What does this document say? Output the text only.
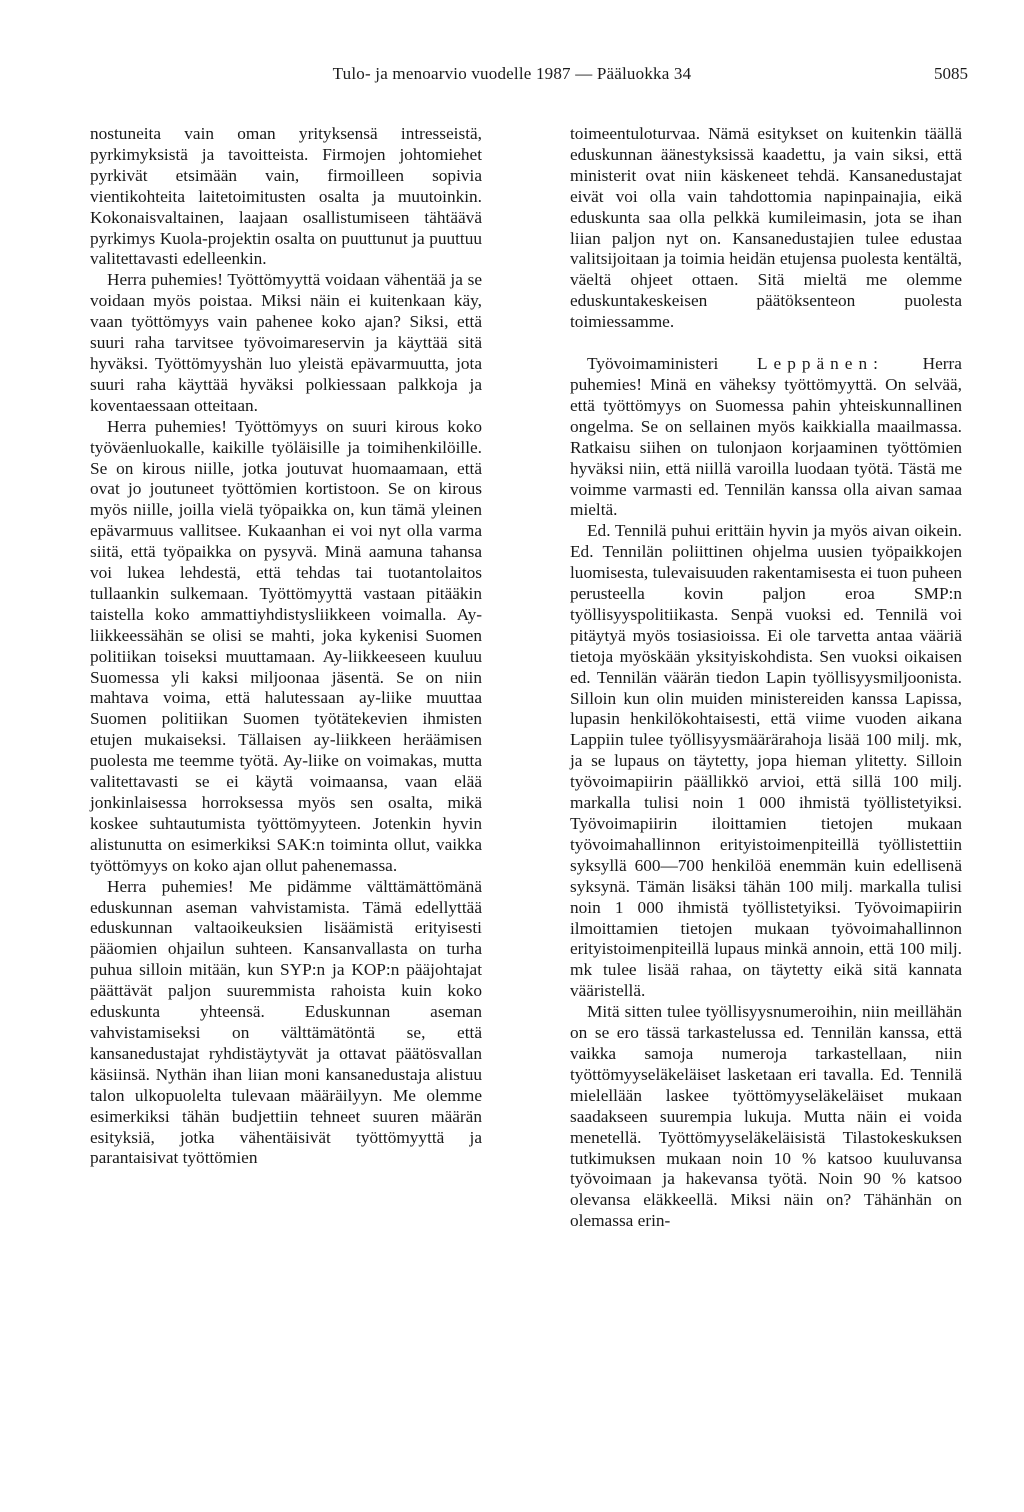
Tulo- ja menoarvio vuodelle 1987 — Pääluokka 34	5085

nostuneita vain oman yrityksensä intresseistä, pyrkimyksistä ja tavoitteista. Firmojen johtomiehet pyrkivät etsimään vain, firmoilleen sopivia vientikohteita laitetoimitusten osalta ja muutoinkin. Kokonaisvaltainen, laajaan osallistumiseen tähtäävä pyrkimys Kuola-projektin osalta on puuttunut ja puuttuu valitettavasti edelleenkin.

Herra puhemies! Työttömyyttä voidaan vähentää ja se voidaan myös poistaa. Miksi näin ei kuitenkaan käy, vaan työttömyys vain pahenee koko ajan? Siksi, että suuri raha tarvitsee työvoimareservin ja käyttää sitä hyväksi. Työttömyyshän luo yleistä epävarmuutta, jota suuri raha käyttää hyväksi polkiessaan palkkoja ja koventaessaan otteitaan.

Herra puhemies! Työttömyys on suuri kirous koko työväenluokalle, kaikille työläisille ja toimihenkilöille. Se on kirous niille, jotka joutuvat huomaamaan, että ovat jo joutuneet työttömien kortistoon. Se on kirous myös niille, joilla vielä työpaikka on, kun tämä yleinen epävarmuus vallitsee. Kukaanhan ei voi nyt olla varma siitä, että työpaikka on pysyvä. Minä aamuna tahansa voi lukea lehdestä, että tehdas tai tuotantolaitos tullaankin sulkemaan. Työttömyyttä vastaan pitääkin taistella koko ammattiyhdistysliikkeen voimalla. Ay-liikkeessähän se olisi se mahti, joka kykenisi Suomen politiikan toiseksi muuttamaan. Ay-liikkeeseen kuuluu Suomessa yli kaksi miljoonaa jäsentä. Se on niin mahtava voima, että halutessaan ay-liike muuttaa Suomen politiikan Suomen työtätekevien ihmisten etujen mukaiseksi. Tällaisen ay-liikkeen heräämisen puolesta me teemme työtä. Ay-liike on voimakas, mutta valitettavasti se ei käytä voimaansa, vaan elää jonkinlaisessa horroksessa myös sen osalta, mikä koskee suhtautumista työttömyyteen. Jotenkin hyvin alistunutta on esimerkiksi SAK:n toiminta ollut, vaikka työttömyys on koko ajan ollut pahenemassa.

Herra puhemies! Me pidämme välttämättömänä eduskunnan aseman vahvistamista. Tämä edellyttää eduskunnan valtaoikeuksien lisäämistä erityisesti pääomien ohjailun suhteen. Kansanvallasta on turha puhua silloin mitään, kun SYP:n ja KOP:n pääjohtajat päättävät paljon suuremmista rahoista kuin koko eduskunta yhteensä. Eduskunnan aseman vahvistamiseksi on välttämätöntä se, että kansanedustajat ryhdistäytyvät ja ottavat päätösvallan käsiinsä. Nythän ihan liian moni kansanedustaja alistuu talon ulkopuolelta tulevaan määräilyyn. Me olemme esimerkiksi tähän budjettiin tehneet suuren määrän esityksiä, jotka vähentäisivät työttömyyttä ja parantaisivat työttömien

toimeentuloturvaa. Nämä esitykset on kuitenkin täällä eduskunnan äänestyksissä kaadettu, ja vain siksi, että ministerit ovat niin käskeneet tehdä. Kansanedustajat eivät voi olla vain tahdottomia napinpainajia, eikä eduskunta saa olla pelkkä kumileimasin, jota se ihan liian paljon nyt on. Kansanedustajien tulee edustaa valitsijoitaan ja toimia heidän etujensa puolesta kentältä, väeltä ohjeet ottaen. Sitä mieltä me olemme eduskuntakeskeisen päätöksenteon puolesta toimiessamme.

Työvoimaministeri Leppänen: Herra puhemies! Minä en väheksy työttömyyttä. On selvää, että työttömyys on Suomessa pahin yhteiskunnallinen ongelma. Se on sellainen myös kaikkialla maailmassa. Ratkaisu siihen on tulonjaon korjaaminen työttömien hyväksi niin, että niillä varoilla luodaan työtä. Tästä me voimme varmasti ed. Tennilän kanssa olla aivan samaa mieltä.

Ed. Tennilä puhui erittäin hyvin ja myös aivan oikein. Ed. Tennilän poliittinen ohjelma uusien työpaikkojen luomisesta, tulevaisuuden rakentamisesta ei tuon puheen perusteella kovin paljon eroa SMP:n työllisyyspolitiikasta. Senpä vuoksi ed. Tennilä voi pitäytyä myös tosiasioissa. Ei ole tarvetta antaa vääriä tietoja myöskään yksityiskohdista. Sen vuoksi oikaisen ed. Tennilän väärän tiedon Lapin työllisyysmiljoonista. Silloin kun olin muiden ministereiden kanssa Lapissa, lupasin henkilökohtaisesti, että viime vuoden aikana Lappiin tulee työllisyysmäärärahoja lisää 100 milj. mk, ja se lupaus on täytetty, jopa hieman ylitetty. Silloin työvoimapiirin päällikkö arvioi, että sillä 100 milj. markalla tulisi noin 1 000 ihmistä työllistetyiksi. Työvoimapiirin iloittamien tietojen mukaan työvoimahallinnon erityistoimenpiteillä työllistettiin syksyllä 600—700 henkilöä enemmän kuin edellisenä syksynä. Tämän lisäksi tähän 100 milj. markalla tulisi noin 1 000 ihmistä työllistetyiksi. Työvoimapiirin ilmoittamien tietojen mukaan työvoimahallinnon erityistoimenpiteillä lupaus minkä annoin, että 100 milj. mk tulee lisää rahaa, on täytetty eikä sitä kannata vääristellä.

Mitä sitten tulee työllisyysnumeroihin, niin meillähän on se ero tässä tarkastelussa ed. Tennilän kanssa, että vaikka samoja numeroja tarkastellaan, niin työttömyyseläkeläiset lasketaan eri tavalla. Ed. Tennilä mielellään laskee työttömyyseläkeläiset mukaan saadakseen suurempia lukuja. Mutta näin ei voida menetellä. Työttömyyseläkeläisistä Tilastokeskuksen tutkimuksen mukaan noin 10 % katsoo kuuluvansa työvoimaan ja hakevansa työtä. Noin 90 % katsoo olevansa eläkkeellä. Miksi näin on? Tähänhän on olemassa erin-
